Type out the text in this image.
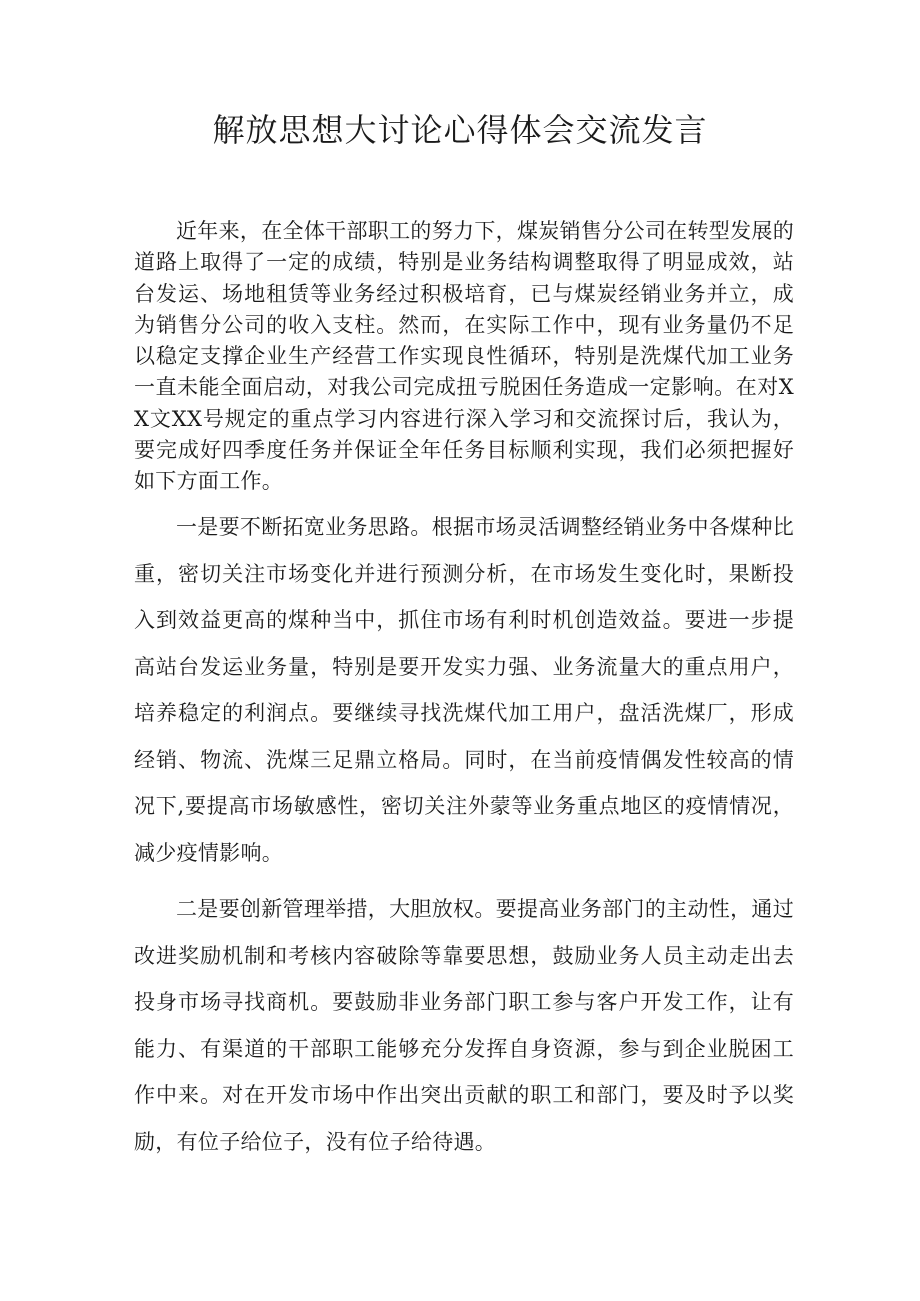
解放思想大讨论心得体会交流发言

近年来，在全体干部职工的努力下，煤炭销售分公司在转型发展的道路上取得了一定的成绩，特别是业务结构调整取得了明显成效，站台发运、场地租赁等业务经过积极培育，已与煤炭经销业务并立，成为销售分公司的收入支柱。然而，在实际工作中，现有业务量仍不足以稳定支撑企业生产经营工作实现良性循环，特别是洗煤代加工业务一直未能全面启动，对我公司完成扭亏脱困任务造成一定影响。在对XX文XX号规定的重点学习内容进行深入学习和交流探讨后，我认为，要完成好四季度任务并保证全年任务目标顺利实现，我们必须把握好如下方面工作。

一是要不断拓宽业务思路。根据市场灵活调整经销业务中各煤种比重，密切关注市场变化并进行预测分析，在市场发生变化时，果断投入到效益更高的煤种当中，抓住市场有利时机创造效益。要进一步提高站台发运业务量，特别是要开发实力强、业务流量大的重点用户，培养稳定的利润点。要继续寻找洗煤代加工用户，盘活洗煤厂，形成经销、物流、洗煤三足鼎立格局。同时，在当前疫情偶发性较高的情况下,要提高市场敏感性，密切关注外蒙等业务重点地区的疫情情况，减少疫情影响。

二是要创新管理举措，大胆放权。要提高业务部门的主动性，通过改进奖励机制和考核内容破除等靠要思想，鼓励业务人员主动走出去投身市场寻找商机。要鼓励非业务部门职工参与客户开发工作，让有能力、有渠道的干部职工能够充分发挥自身资源，参与到企业脱困工作中来。对在开发市场中作出突出贡献的职工和部门，要及时予以奖励，有位子给位子，没有位子给待遇。
